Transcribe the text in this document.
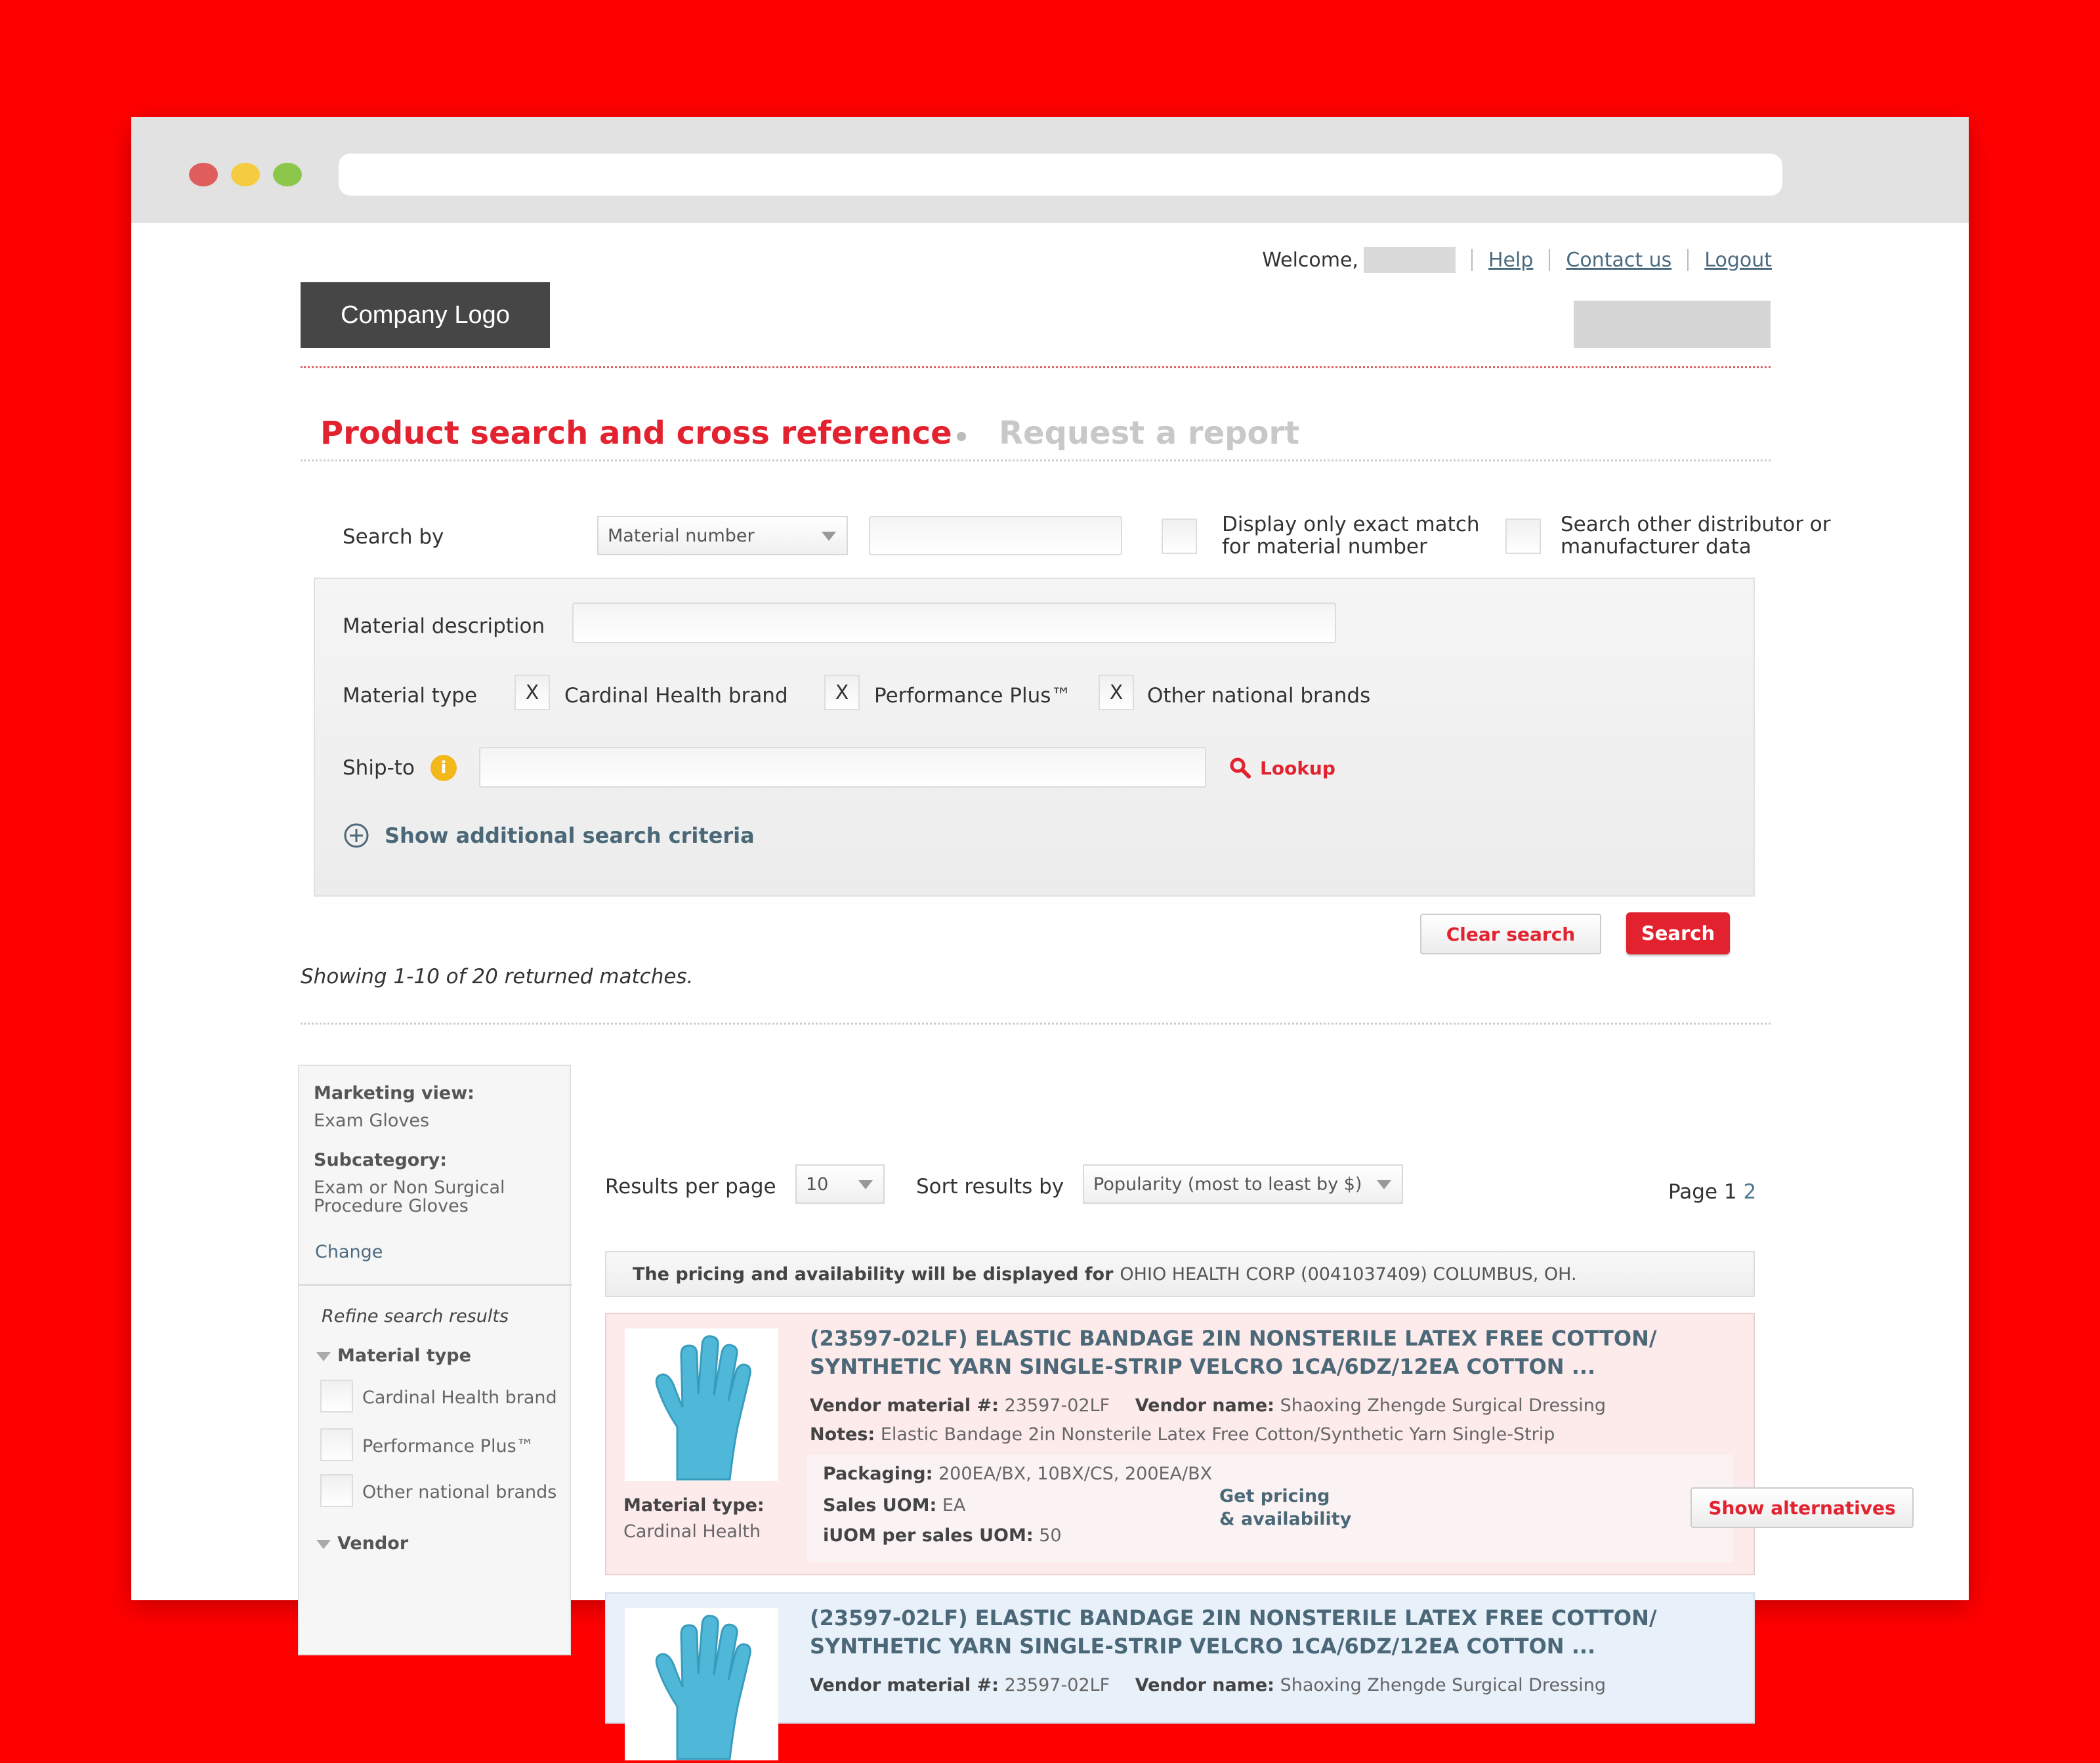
Welcome,	Help Contact us Logout
Company Logo
Product search and cross reference Request a report
Search by	Material number	Display only exact match
for material number
Search other distributor or
manufacturer data
Material description
Material type	X	Cardinal Health brand	X	Performance Plus™	X	Other national brands
Ship-to	i	Lookup
Show additional search criteria
Clear search	Search
Showing 1-10 of 20 returned matches.
Marketing view:
Exam Gloves
Subcategory:
Exam or Non Surgical
Procedure Gloves
Change
Refine search results
Material type
Cardinal Health brand
Performance Plus™
Other national brands
Vendor
Results per page 10	Sort results by Popularity (most to least by $)	Page 1 2
The pricing and availability will be displayed for OHIO HEALTH CORP (0041037409) COLUMBUS, OH.
(23597-02LF) ELASTIC BANDAGE 2IN NONSTERILE LATEX FREE COTTON/
SYNTHETIC YARN SINGLE-STRIP VELCRO 1CA/6DZ/12EA COTTON ...
Vendor material #: 23597-02LF Vendor name: Shaoxing Zhengde Surgical Dressing
Notes: Elastic Bandage 2in Nonsterile Latex Free Cotton/Synthetic Yarn Single-Strip
Material type:
Cardinal Health
Packaging: 200EA/BX, 10BX/CS, 200EA/BX
Sales UOM: EA
iUOM per sales UOM: 50
Get pricing
& availability
Show alternatives
(23597-02LF) ELASTIC BANDAGE 2IN NONSTERILE LATEX FREE COTTON/
SYNTHETIC YARN SINGLE-STRIP VELCRO 1CA/6DZ/12EA COTTON ...
Vendor material #: 23597-02LF Vendor name: Shaoxing Zhengde Surgical Dressing
